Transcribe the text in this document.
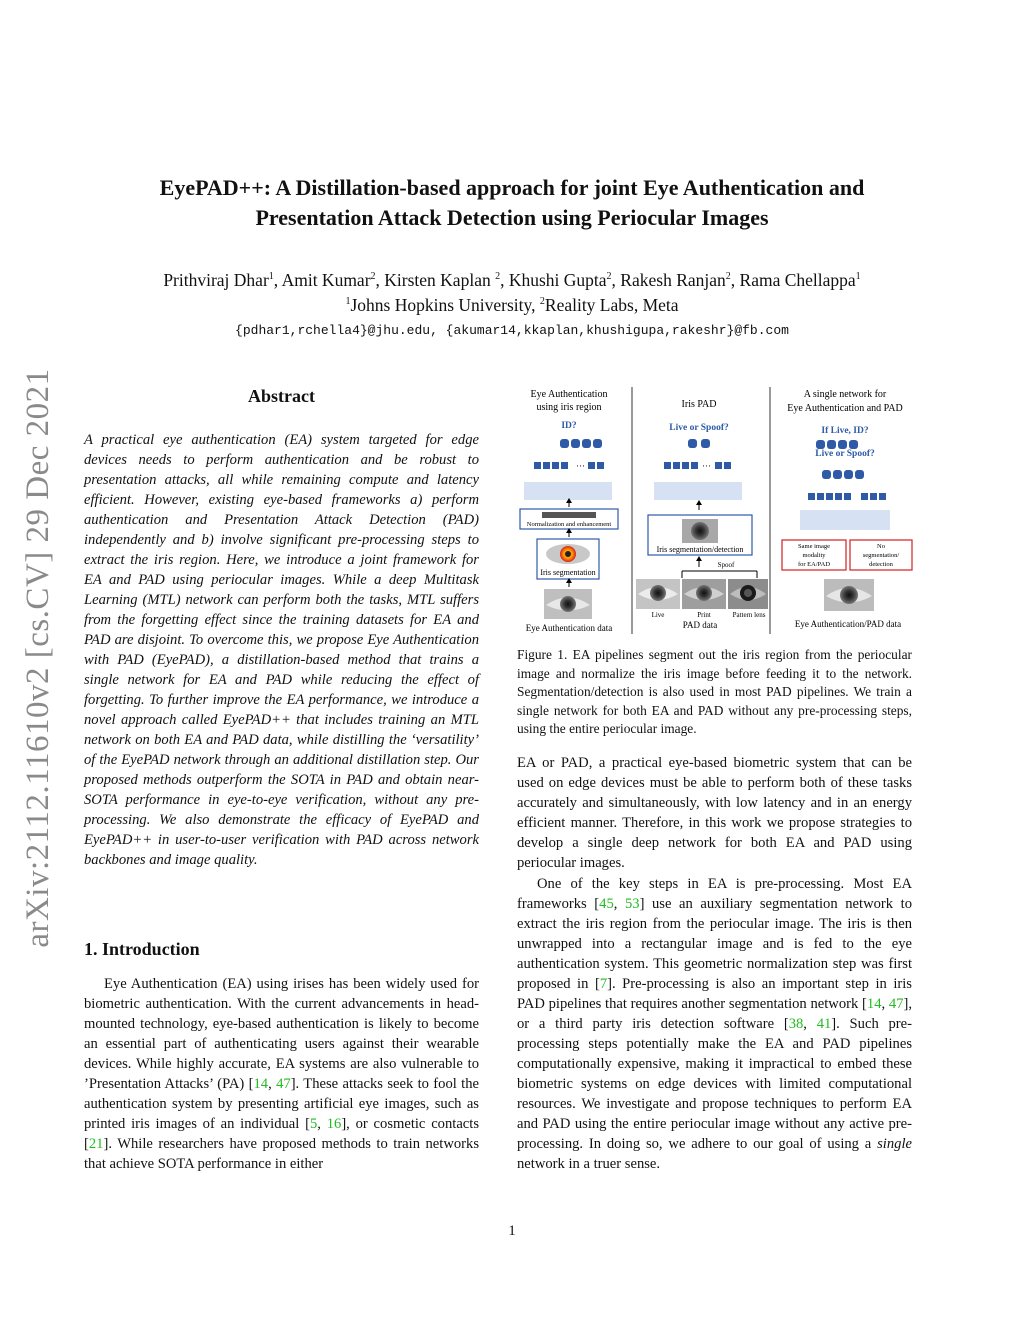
arXiv:2112.11610v2 [cs.CV] 29 Dec 2021
EyePAD++: A Distillation-based approach for joint Eye Authentication and
Presentation Attack Detection using Periocular Images
Prithviraj Dhar$^1$, Amit Kumar$^2$, Kirsten Kaplan $^2$, Khushi Gupta$^2$, Rakesh Ranjan$^2$, Rama Chellappa$^1$
$^1$Johns Hopkins University, $^2$Reality Labs, Meta
{pdhar1,rchella4}@jhu.edu, {akumar14,kkaplan,khushigupa,rakeshr}@fb.com
Abstract

A practical eye authentication (EA) system targeted for edge devices needs to perform authentication and be robust to presentation attacks, all while remaining compute and latency efficient. However, existing eye-based frameworks a) perform authentication and Presentation Attack Detection (PAD) independently and b) involve significant pre-processing steps to extract the iris region. Here, we introduce a joint framework for EA and PAD using periocular images. While a deep Multitask Learning (MTL) network can perform both the tasks, MTL suffers from the forgetting effect since the training datasets for EA and PAD are disjoint. To overcome this, we propose Eye Authentication with PAD (EyePAD), a distillation-based method that trains a single network for EA and PAD while reducing the effect of forgetting. To further improve the EA performance, we introduce a novel approach called EyePAD++ that includes training an MTL network on both EA and PAD data, while distilling the ‘versatility’ of the EyePAD network through an additional distillation step. Our proposed methods outperform the SOTA in PAD and obtain near-SOTA performance in eye-to-eye verification, without any pre-processing. We also demonstrate the efficacy of EyePAD and EyePAD++ in user-to-user verification with PAD across network backbones and image quality.

1. Introduction

Eye Authentication (EA) using irises has been widely used for biometric authentication. With the current advancements in head-mounted technology, eye-based authentication is likely to become an essential part of authenticating users against their wearable devices. While highly accurate, EA systems are also vulnerable to ’Presentation Attacks’ (PA) [14, 47]. These attacks seek to fool the authentication system by presenting artificial eye images, such as printed iris images of an individual [5, 16], or cosmetic contacts [21]. While researchers have proposed methods to train networks that achieve SOTA performance in either

Eye Authentication
using iris region
ID?
···
Normalization and enhancement
Iris segmentation
Eye Authentication data
Iris PAD
Live or Spoof?
···
Iris segmentation/detection
Spoof
Live	Print	Pattern lens
PAD data
A single network for
Eye Authentication and PAD
If Live, ID?
Live or Spoof?
Same image
modality
for EA/PAD
No
segmentation/
detection
Eye Authentication/PAD data

Figure 1. EA pipelines segment out the iris region from the periocular image and normalize the iris image before feeding it to the network. Segmentation/detection is also used in most PAD pipelines. We train a single network for both EA and PAD without any pre-processing steps, using the entire periocular image.

EA or PAD, a practical eye-based biometric system that can be used on edge devices must be able to perform both of these tasks accurately and simultaneously, with low latency and in an energy efficient manner. Therefore, in this work we propose strategies to develop a single deep network for both EA and PAD using periocular images.

One of the key steps in EA is pre-processing. Most EA frameworks [45, 53] use an auxiliary segmentation network to extract the iris region from the periocular image. The iris is then unwrapped into a rectangular image and is fed to the eye authentication system. This geometric normalization step was first proposed in [7]. Pre-processing is also an important step in iris PAD pipelines that requires another segmentation network [14, 47], or a third party iris detection software [38, 41]. Such pre-processing steps potentially make the EA and PAD pipelines computationally expensive, making it impractical to embed these biometric systems on edge devices with limited computational resources. We investigate and propose techniques to perform EA and PAD using the entire periocular image without any active pre-processing. In doing so, we adhere to our goal of using a single network in a truer sense.

1
